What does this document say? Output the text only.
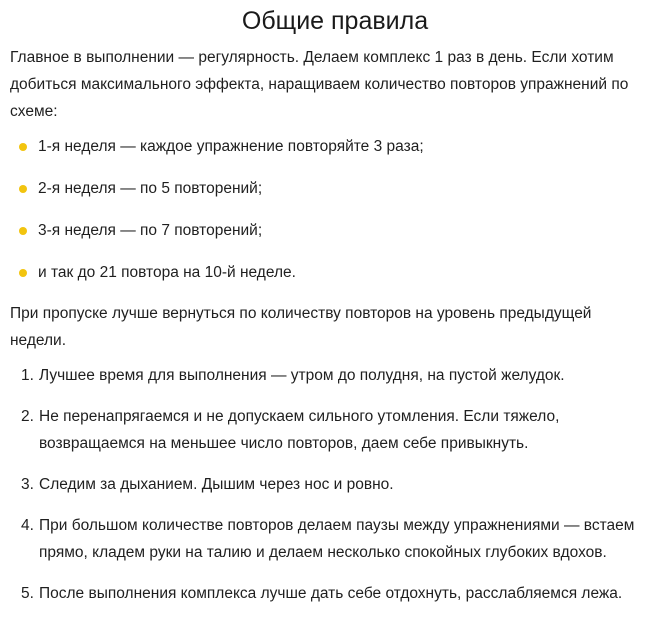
Общие правила

Главное в выполнении — регулярность. Делаем комплекс 1 раз в день. Если хотим добиться максимального эффекта, наращиваем количество повторов упражнений по схеме:

1-я неделя — каждое упражнение повторяйте 3 раза;
2-я неделя — по 5 повторений;
3-я неделя — по 7 повторений;
и так до 21 повтора на 10-й неделе.

При пропуске лучше вернуться по количеству повторов на уровень предыдущей недели.

1. Лучшее время для выполнения — утром до полудня, на пустой желудок.
2. Не перенапрягаемся и не допускаем сильного утомления. Если тяжело, возвращаемся на меньшее число повторов, даем себе привыкнуть.
3. Следим за дыханием. Дышим через нос и ровно.
4. При большом количестве повторов делаем паузы между упражнениями — встаем прямо, кладем руки на талию и делаем несколько спокойных глубоких вдохов.
5. После выполнения комплекса лучше дать себе отдохнуть, расслабляемся лежа.
